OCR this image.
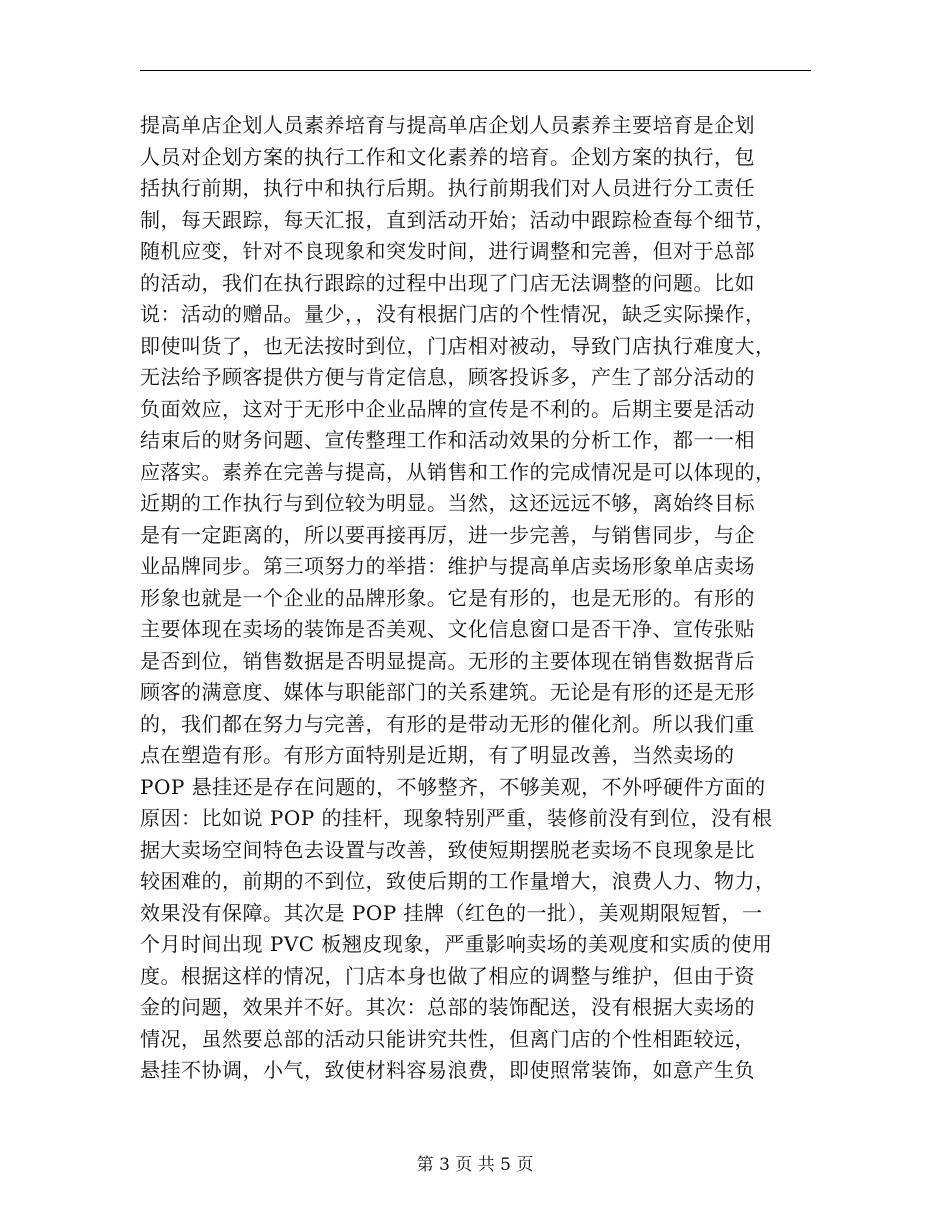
提高单店企划人员素养培育与提高单店企划人员素养主要培育是企划
人员对企划方案的执行工作和文化素养的培育。企划方案的执行，包
括执行前期，执行中和执行后期。执行前期我们对人员进行分工责任
制，每天跟踪，每天汇报，直到活动开始；活动中跟踪检查每个细节，
随机应变，针对不良现象和突发时间，进行调整和完善，但对于总部
的活动，我们在执行跟踪的过程中出现了门店无法调整的问题。比如
说：活动的赠品。量少，，没有根据门店的个性情况，缺乏实际操作，
即使叫货了，也无法按时到位，门店相对被动，导致门店执行难度大，
无法给予顾客提供方便与肯定信息，顾客投诉多，产生了部分活动的
负面效应，这对于无形中企业品牌的宣传是不利的。后期主要是活动
结束后的财务问题、宣传整理工作和活动效果的分析工作，都一一相
应落实。素养在完善与提高，从销售和工作的完成情况是可以体现的，
近期的工作执行与到位较为明显。当然，这还远远不够，离始终目标
是有一定距离的，所以要再接再厉，进一步完善，与销售同步，与企
业品牌同步。第三项努力的举措：维护与提高单店卖场形象单店卖场
形象也就是一个企业的品牌形象。它是有形的，也是无形的。有形的
主要体现在卖场的装饰是否美观、文化信息窗口是否干净、宣传张贴
是否到位，销售数据是否明显提高。无形的主要体现在销售数据背后
顾客的满意度、媒体与职能部门的关系建筑。无论是有形的还是无形
的，我们都在努力与完善，有形的是带动无形的催化剂。所以我们重
点在塑造有形。有形方面特别是近期，有了明显改善，当然卖场的
POP 悬挂还是存在问题的，不够整齐，不够美观，不外呼硬件方面的
原因：比如说 POP 的挂杆，现象特别严重，装修前没有到位，没有根
据大卖场空间特色去设置与改善，致使短期摆脱老卖场不良现象是比
较困难的，前期的不到位，致使后期的工作量增大，浪费人力、物力，
效果没有保障。其次是 POP 挂牌（红色的一批），美观期限短暂，一
个月时间出现 PVC 板翘皮现象，严重影响卖场的美观度和实质的使用
度。根据这样的情况，门店本身也做了相应的调整与维护，但由于资
金的问题，效果并不好。其次：总部的装饰配送，没有根据大卖场的
情况，虽然要总部的活动只能讲究共性，但离门店的个性相距较远，
悬挂不协调，小气，致使材料容易浪费，即使照常装饰，如意产生负
第 3 页 共 5 页
